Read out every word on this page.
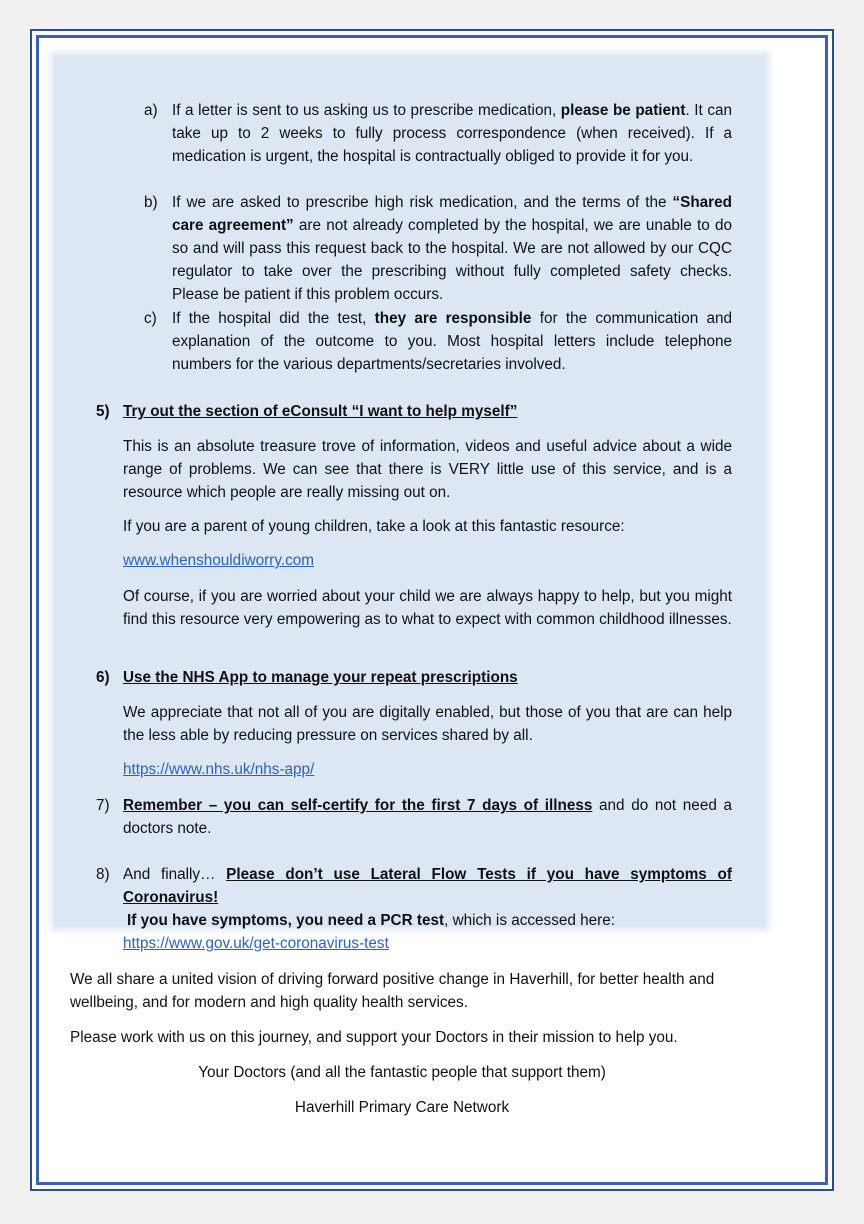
a) If a letter is sent to us asking us to prescribe medication, please be patient. It can take up to 2 weeks to fully process correspondence (when received). If a medication is urgent, the hospital is contractually obliged to provide it for you.
b) If we are asked to prescribe high risk medication, and the terms of the “Shared care agreement” are not already completed by the hospital, we are unable to do so and will pass this request back to the hospital. We are not allowed by our CQC regulator to take over the prescribing without fully completed safety checks. Please be patient if this problem occurs.
c) If the hospital did the test, they are responsible for the communication and explanation of the outcome to you. Most hospital letters include telephone numbers for the various departments/secretaries involved.
5) Try out the section of eConsult “I want to help myself”

This is an absolute treasure trove of information, videos and useful advice about a wide range of problems. We can see that there is VERY little use of this service, and is a resource which people are really missing out on.

If you are a parent of young children, take a look at this fantastic resource:

www.whenshouldiworry.com

Of course, if you are worried about your child we are always happy to help, but you might find this resource very empowering as to what to expect with common childhood illnesses.

6) Use the NHS App to manage your repeat prescriptions

We appreciate that not all of you are digitally enabled, but those of you that are can help the less able by reducing pressure on services shared by all.

https://www.nhs.uk/nhs-app/

7) Remember – you can self-certify for the first 7 days of illness and do not need a doctors note.
8) And finally… Please don’t use Lateral Flow Tests if you have symptoms of Coronavirus!

If you have symptoms, you need a PCR test, which is accessed here:

https://www.gov.uk/get-coronavirus-test

We all share a united vision of driving forward positive change in Haverhill, for better health and wellbeing, and for modern and high quality health services.
Please work with us on this journey, and support your Doctors in their mission to help you.
Your Doctors (and all the fantastic people that support them)
Haverhill Primary Care Network
